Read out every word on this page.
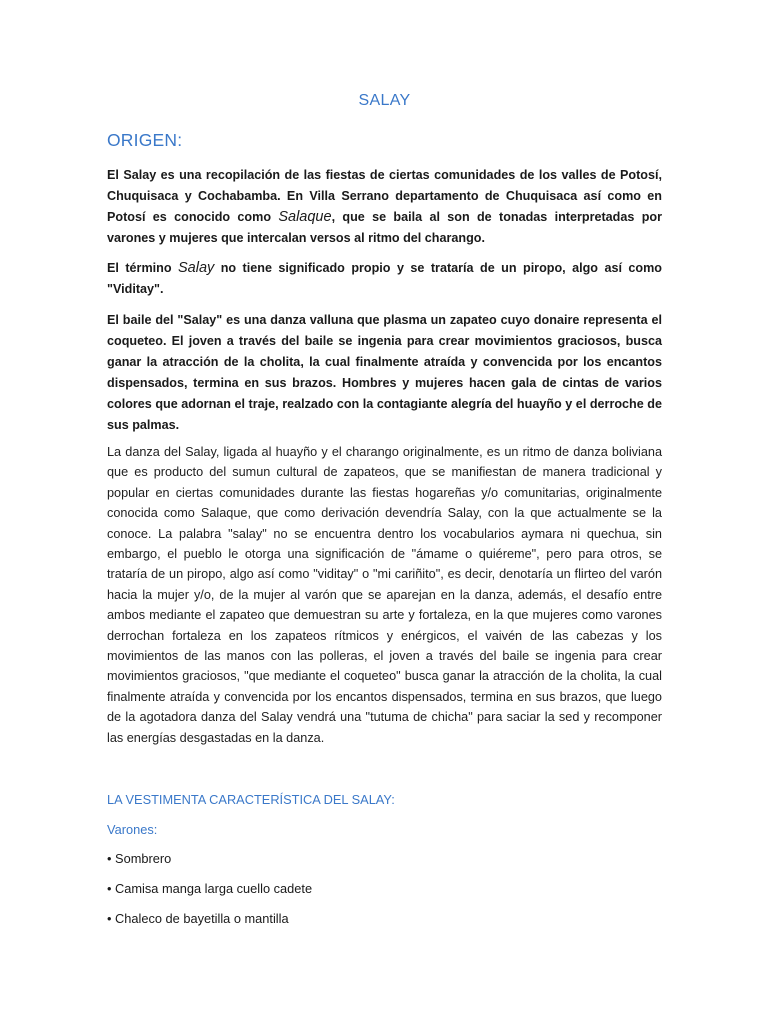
SALAY
ORIGEN:

El Salay es una recopilación de las fiestas de ciertas comunidades de los valles de Potosí, Chuquisaca y Cochabamba. En Villa Serrano departamento de Chuquisaca así como en Potosí es conocido como Salaque, que se baila al son de tonadas interpretadas por varones y mujeres que intercalan versos al ritmo del charango.

El término Salay no tiene significado propio y se trataría de un piropo, algo así como "Viditay".

El baile del "Salay" es una danza valluna que plasma un zapateo cuyo donaire representa el coqueteo. El joven a través del baile se ingenia para crear movimientos graciosos, busca ganar la atracción de la cholita, la cual finalmente atraída y convencida por los encantos dispensados, termina en sus brazos. Hombres y mujeres hacen gala de cintas de varios colores que adornan el traje, realzado con la contagiante alegría del huayño y el derroche de sus palmas.

La danza del Salay, ligada al huayño y el charango originalmente, es un ritmo de danza boliviana que es producto del sumun cultural de zapateos, que se manifiestan de manera tradicional y popular en ciertas comunidades durante las fiestas hogareñas y/o comunitarias, originalmente conocida como Salaque, que como derivación devendría Salay, con la que actualmente se la conoce. La palabra "salay" no se encuentra dentro los vocabularios aymara ni quechua, sin embargo, el pueblo le otorga una significación de "ámame o quiéreme", pero para otros, se trataría de un piropo, algo así como "viditay" o "mi cariñito", es decir, denotaría un flirteo del varón hacia la mujer y/o, de la mujer al varón que se aparejan en la danza, además, el desafío entre ambos mediante el zapateo que demuestran su arte y fortaleza, en la que mujeres como varones derrochan fortaleza en los zapateos rítmicos y enérgicos, el vaivén de las cabezas y los movimientos de las manos con las polleras, el joven a través del baile se ingenia para crear movimientos graciosos, "que mediante el coqueteo" busca ganar la atracción de la cholita, la cual finalmente atraída y convencida por los encantos dispensados, termina en sus brazos, que luego de la agotadora danza del Salay vendrá una "tutuma de chicha" para saciar la sed y recomponer las energías desgastadas en la danza.

LA VESTIMENTA CARACTERÍSTICA DEL SALAY:
Varones:
• Sombrero
• Camisa manga larga cuello cadete
• Chaleco de bayetilla o mantilla
